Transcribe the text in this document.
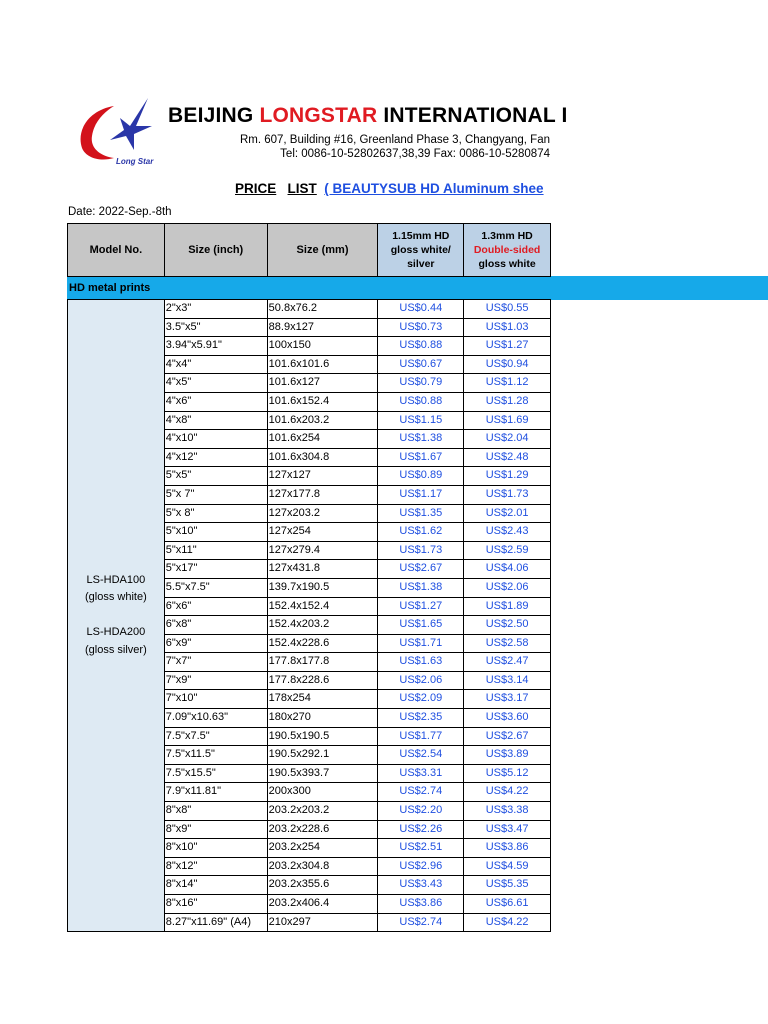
Long Star
BEIJING LONGSTAR INTERNATIONAL I
Rm. 607, Building #16, Greenland Phase 3, Changyang, Fan
Tel: 0086-10-52802637,38,39 Fax: 0086-10-5280874
PRICE LIST ( BEAUTYSUB HD Aluminum shee
Date: 2022-Sep.-8th
HD metal prints
Model No.	Size (inch)	Size (mm)	1.15mm HD
gloss white/
silver	1.3mm HD
Double-sided
gloss white

LS-HDA100
(gloss white)

LS-HDA200
(gloss silver)	2"x3"	50.8x76.2	US$0.44	US$0.55
	3.5"x5"	88.9x127	US$0.73	US$1.03
	3.94"x5.91"	100x150	US$0.88	US$1.27
	4"x4"	101.6x101.6	US$0.67	US$0.94
	4"x5"	101.6x127	US$0.79	US$1.12
	4"x6"	101.6x152.4	US$0.88	US$1.28
	4"x8"	101.6x203.2	US$1.15	US$1.69
	4"x10"	101.6x254	US$1.38	US$2.04
	4"x12"	101.6x304.8	US$1.67	US$2.48
	5"x5"	127x127	US$0.89	US$1.29
	5"x 7"	127x177.8	US$1.17	US$1.73
	5"x 8"	127x203.2	US$1.35	US$2.01
	5"x10"	127x254	US$1.62	US$2.43
	5"x11"	127x279.4	US$1.73	US$2.59
	5"x17"	127x431.8	US$2.67	US$4.06
	5.5"x7.5"	139.7x190.5	US$1.38	US$2.06
	6"x6"	152.4x152.4	US$1.27	US$1.89
	6"x8"	152.4x203.2	US$1.65	US$2.50
	6"x9"	152.4x228.6	US$1.71	US$2.58
	7"x7"	177.8x177.8	US$1.63	US$2.47
	7"x9"	177.8x228.6	US$2.06	US$3.14
	7"x10"	178x254	US$2.09	US$3.17
	7.09"x10.63"	180x270	US$2.35	US$3.60
	7.5"x7.5"	190.5x190.5	US$1.77	US$2.67
	7.5"x11.5"	190.5x292.1	US$2.54	US$3.89
	7.5"x15.5"	190.5x393.7	US$3.31	US$5.12
	7.9"x11.81"	200x300	US$2.74	US$4.22
	8"x8"	203.2x203.2	US$2.20	US$3.38
	8"x9"	203.2x228.6	US$2.26	US$3.47
	8"x10"	203.2x254	US$2.51	US$3.86
	8"x12"	203.2x304.8	US$2.96	US$4.59
	8"x14"	203.2x355.6	US$3.43	US$5.35
	8"x16"	203.2x406.4	US$3.86	US$6.61
	8.27"x11.69" (A4)	210x297	US$2.74	US$4.22
